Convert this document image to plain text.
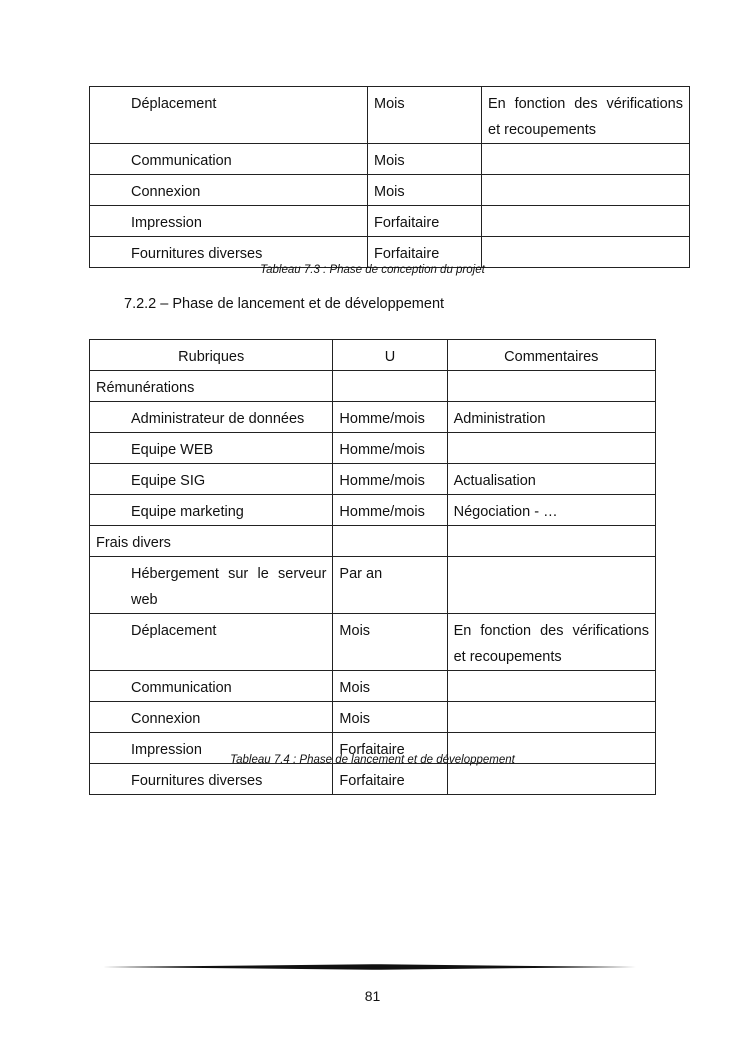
Déplacement	Mois	En fonction des vérifications et recoupements
Communication	Mois	
Connexion	Mois	
Impression	Forfaitaire	
Fournitures diverses	Forfaitaire	
Tableau 7.3 : Phase de conception du projet
7.2.2 – Phase de lancement et de développement
Rubriques	U	Commentaires
Rémunérations		
Administrateur de données	Homme/mois	Administration
Equipe WEB	Homme/mois	
Equipe SIG	Homme/mois	Actualisation
Equipe marketing	Homme/mois	Négociation - …
Frais divers		
Hébergement sur le serveur web	Par an	
Déplacement	Mois	En fonction des vérifications et recoupements
Communication	Mois	
Connexion	Mois	
Impression	Forfaitaire	
Fournitures diverses	Forfaitaire	
Tableau 7.4 : Phase de lancement et de développement
81
